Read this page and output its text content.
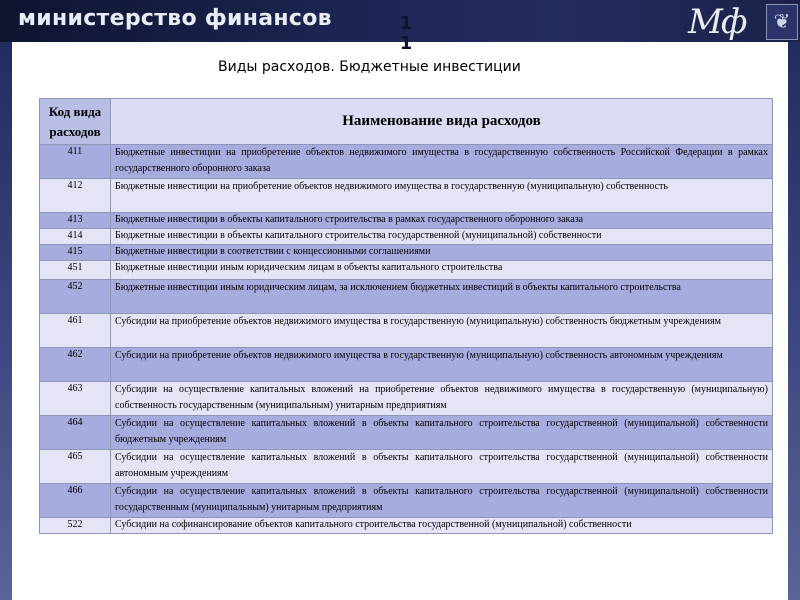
министерство финансов	Мф	❦
1
1
Виды расходов. Бюджетные инвестиции
Код вида расходов	Наименование вида расходов
411	Бюджетные инвестиции на приобретение объектов недвижимого имущества в государственную собственность Российской Федерации в рамках государственного оборонного заказа
412	Бюджетные инвестиции на приобретение объектов недвижимого имущества в государственную (муниципальную) собственность
413	Бюджетные инвестиции в объекты капитального строительства в рамках государственного оборонного заказа
414	Бюджетные инвестиции в объекты капитального строительства государственной (муниципальной) собственности
415	Бюджетные инвестиции в соответствии с концессионными соглашениями
451	Бюджетные инвестиции иным юридическим лицам в объекты капитального строительства
452	Бюджетные инвестиции иным юридическим лицам, за исключением бюджетных инвестиций в объекты капитального строительства
461	Субсидии на приобретение объектов недвижимого имущества в государственную (муниципальную) собственность бюджетным учреждениям
462	Субсидии на приобретение объектов недвижимого имущества в государственную (муниципальную) собственность автономным учреждениям
463	Субсидии на осуществление капитальных вложений на приобретение объектов недвижимого имущества в государственную (муниципальную) собственность государственным (муниципальным) унитарным предприятиям
464	Субсидии на осуществление капитальных вложений в объекты капитального строительства государственной (муниципальной) собственности бюджетным учреждениям
465	Субсидии на осуществление капитальных вложений в объекты капитального строительства государственной (муниципальной) собственности автономным учреждениям
466	Субсидии на осуществление капитальных вложений в объекты капитального строительства государственной (муниципальной) собственности государственным (муниципальным) унитарным предприятиям
522	Субсидии на софинансирование объектов капитального строительства государственной (муниципальной) собственности
